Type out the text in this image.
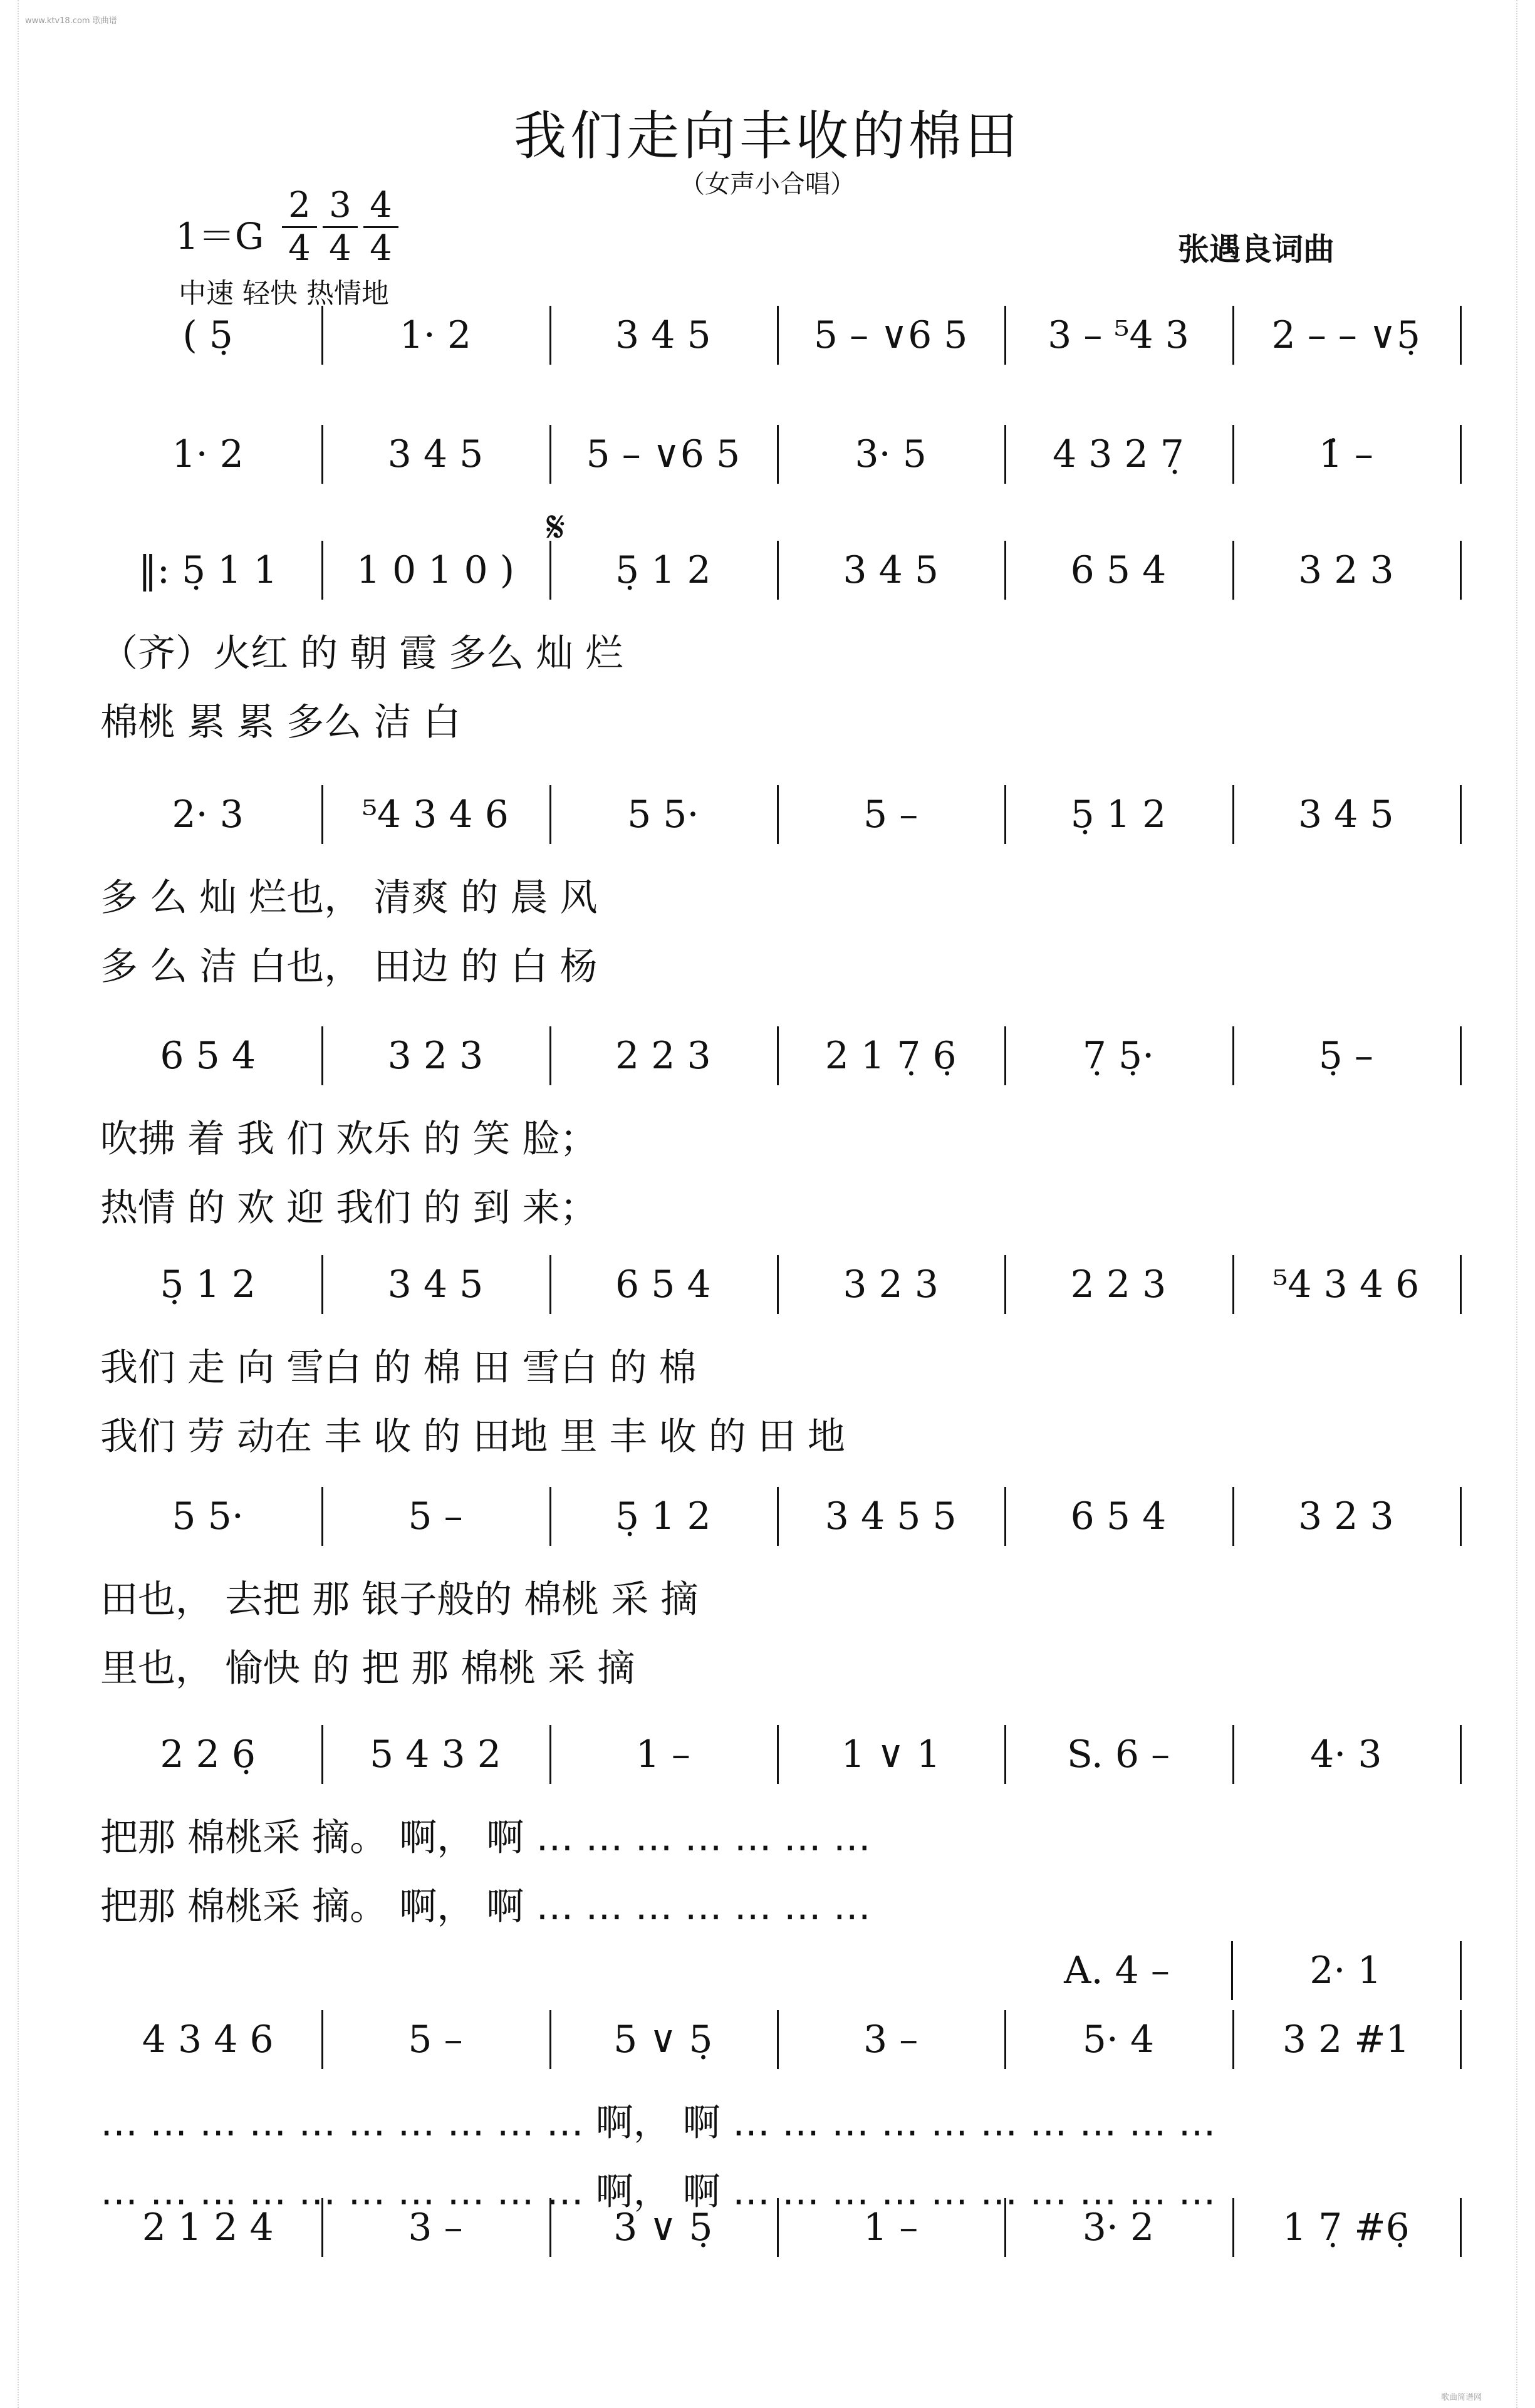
www.ktv18.com 歌曲谱
歌曲简谱网
我们走向丰收的棉田
（女声小合唱）
张遇良词曲
$1=G \frac{2}{4} \frac{3}{4} \frac{4}{4}$
中速 轻快 热情地
𝄋
( 5̣	1· 2	3 4 5	5 – ∨6 5	3 – ⁵4 3	2 – – ∨5̣
1· 2	3 4 5	5 – ∨6 5	3· 5	4 3 2 7̣	1̇ –
‖: 5̣ 1 1	1 0 1 0 )	5̣ 1 2	3 4 5	6 5 4	3 2 3
（齐）火红 的 朝 霞 多么 灿 烂
棉桃 累 累 多么 洁 白
2· 3	⁵4 3 4 6	5 5·	5 –	5̣ 1 2	3 4 5
多 么 灿 烂也， 清爽 的 晨 风
多 么 洁 白也， 田边 的 白 杨
6 5 4	3 2 3	2 2 3	2 1 7̣ 6̣	7̣ 5̣·	5̣ –
吹拂 着 我 们 欢乐 的 笑 脸；
热情 的 欢 迎 我们 的 到 来；
5̣ 1 2	3 4 5	6 5 4	3 2 3	2 2 3	⁵4 3 4 6
我们 走 向 雪白 的 棉 田 雪白 的 棉
我们 劳 动在 丰 收 的 田地 里 丰 收 的 田 地
5 5·	5 –	5̣ 1 2	3 4 5 5	6 5 4	3 2 3
田也， 去把 那 银子般的 棉桃 采 摘
里也， 愉快 的 把 那 棉桃 采 摘
2 2 6̣	5 4 3 2	1 –	1 ∨ 1	S. 6 –	4· 3
把那 棉桃采 摘。 啊， 啊 … … … … … … …
把那 棉桃采 摘。 啊， 啊 … … … … … … …
A. 4 –	2· 1
4 3 4 6	5 –	5 ∨ 5̣	3 –	5· 4	3 2 #1
… … … … … … … … … … 啊， 啊 … … … … … … … … … …
… … … … … … … … … … 啊， 啊 … … … … … … … … … …
2 1 2 4	3 –	3 ∨ 5̣	1 –	3· 2	1 7̣ #6̣
